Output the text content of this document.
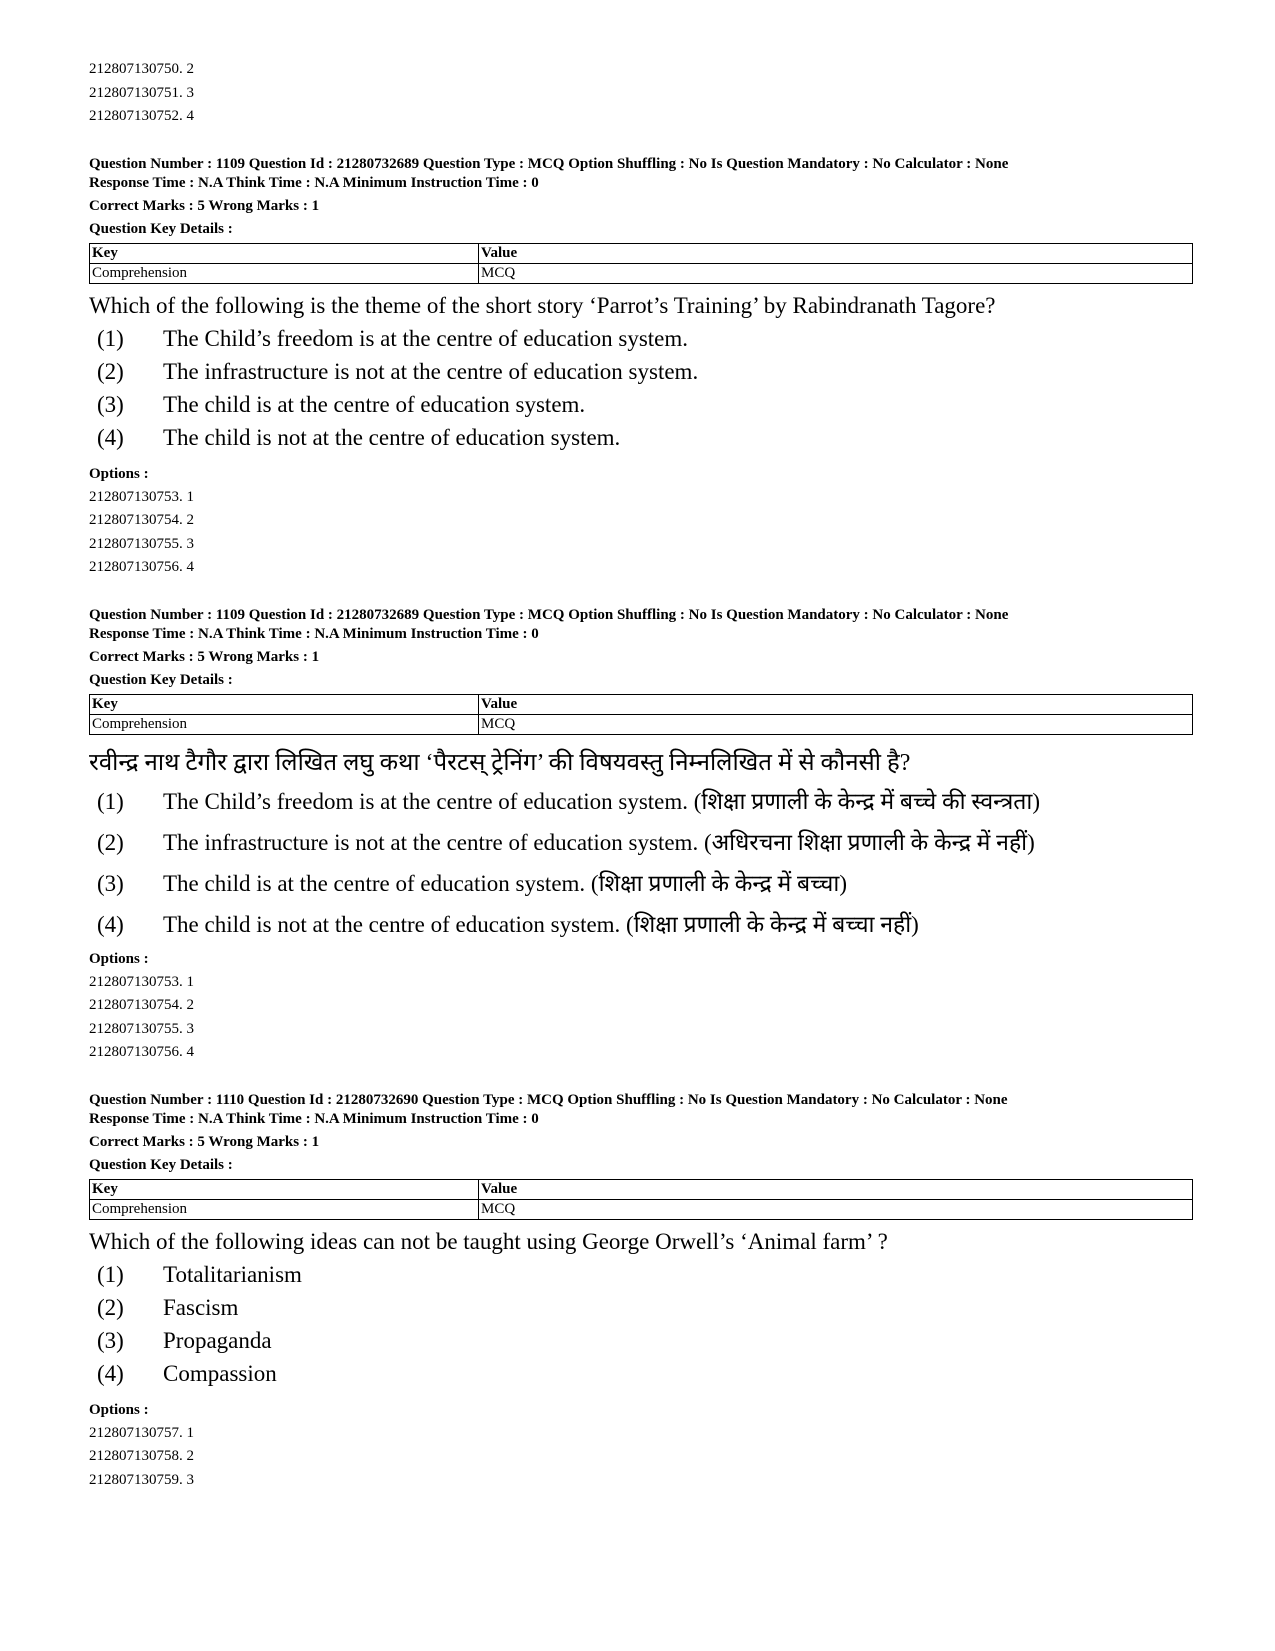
212807130750. 2
212807130751. 3
212807130752. 4
Question Number : 1109 Question Id : 21280732689 Question Type : MCQ Option Shuffling : No Is Question Mandatory : No Calculator : None
Response Time : N.A Think Time : N.A Minimum Instruction Time : 0
Correct Marks : 5 Wrong Marks : 1
Question Key Details :
Key	Value
Comprehension	MCQ
Which of the following is the theme of the short story ‘Parrot’s Training’ by Rabindranath Tagore?
(1)	The Child’s freedom is at the centre of education system.
(2)	The infrastructure is not at the centre of education system.
(3)	The child is at the centre of education system.
(4)	The child is not at the centre of education system.
Options :
212807130753. 1
212807130754. 2
212807130755. 3
212807130756. 4
Question Number : 1109 Question Id : 21280732689 Question Type : MCQ Option Shuffling : No Is Question Mandatory : No Calculator : None
Response Time : N.A Think Time : N.A Minimum Instruction Time : 0
Correct Marks : 5 Wrong Marks : 1
Question Key Details :
Key	Value
Comprehension	MCQ
रवीन्द्र नाथ टैगौर द्वारा लिखित लघु कथा ‘पैरटस् ट्रेनिंग’ की विषयवस्तु निम्नलिखित में से कौनसी है?
(1)	The Child’s freedom is at the centre of education system. (शिक्षा प्रणाली के केन्द्र में बच्चे की स्वन्त्रता)
(2)	The infrastructure is not at the centre of education system. (अधिरचना शिक्षा प्रणाली के केन्द्र में नहीं)
(3)	The child is at the centre of education system. (शिक्षा प्रणाली के केन्द्र में बच्चा)
(4)	The child is not at the centre of education system. (शिक्षा प्रणाली के केन्द्र में बच्चा नहीं)
Options :
212807130753. 1
212807130754. 2
212807130755. 3
212807130756. 4
Question Number : 1110 Question Id : 21280732690 Question Type : MCQ Option Shuffling : No Is Question Mandatory : No Calculator : None
Response Time : N.A Think Time : N.A Minimum Instruction Time : 0
Correct Marks : 5 Wrong Marks : 1
Question Key Details :
Key	Value
Comprehension	MCQ
Which of the following ideas can not be taught using George Orwell’s ‘Animal farm’ ?
(1)	Totalitarianism
(2)	Fascism
(3)	Propaganda
(4)	Compassion
Options :
212807130757. 1
212807130758. 2
212807130759. 3
